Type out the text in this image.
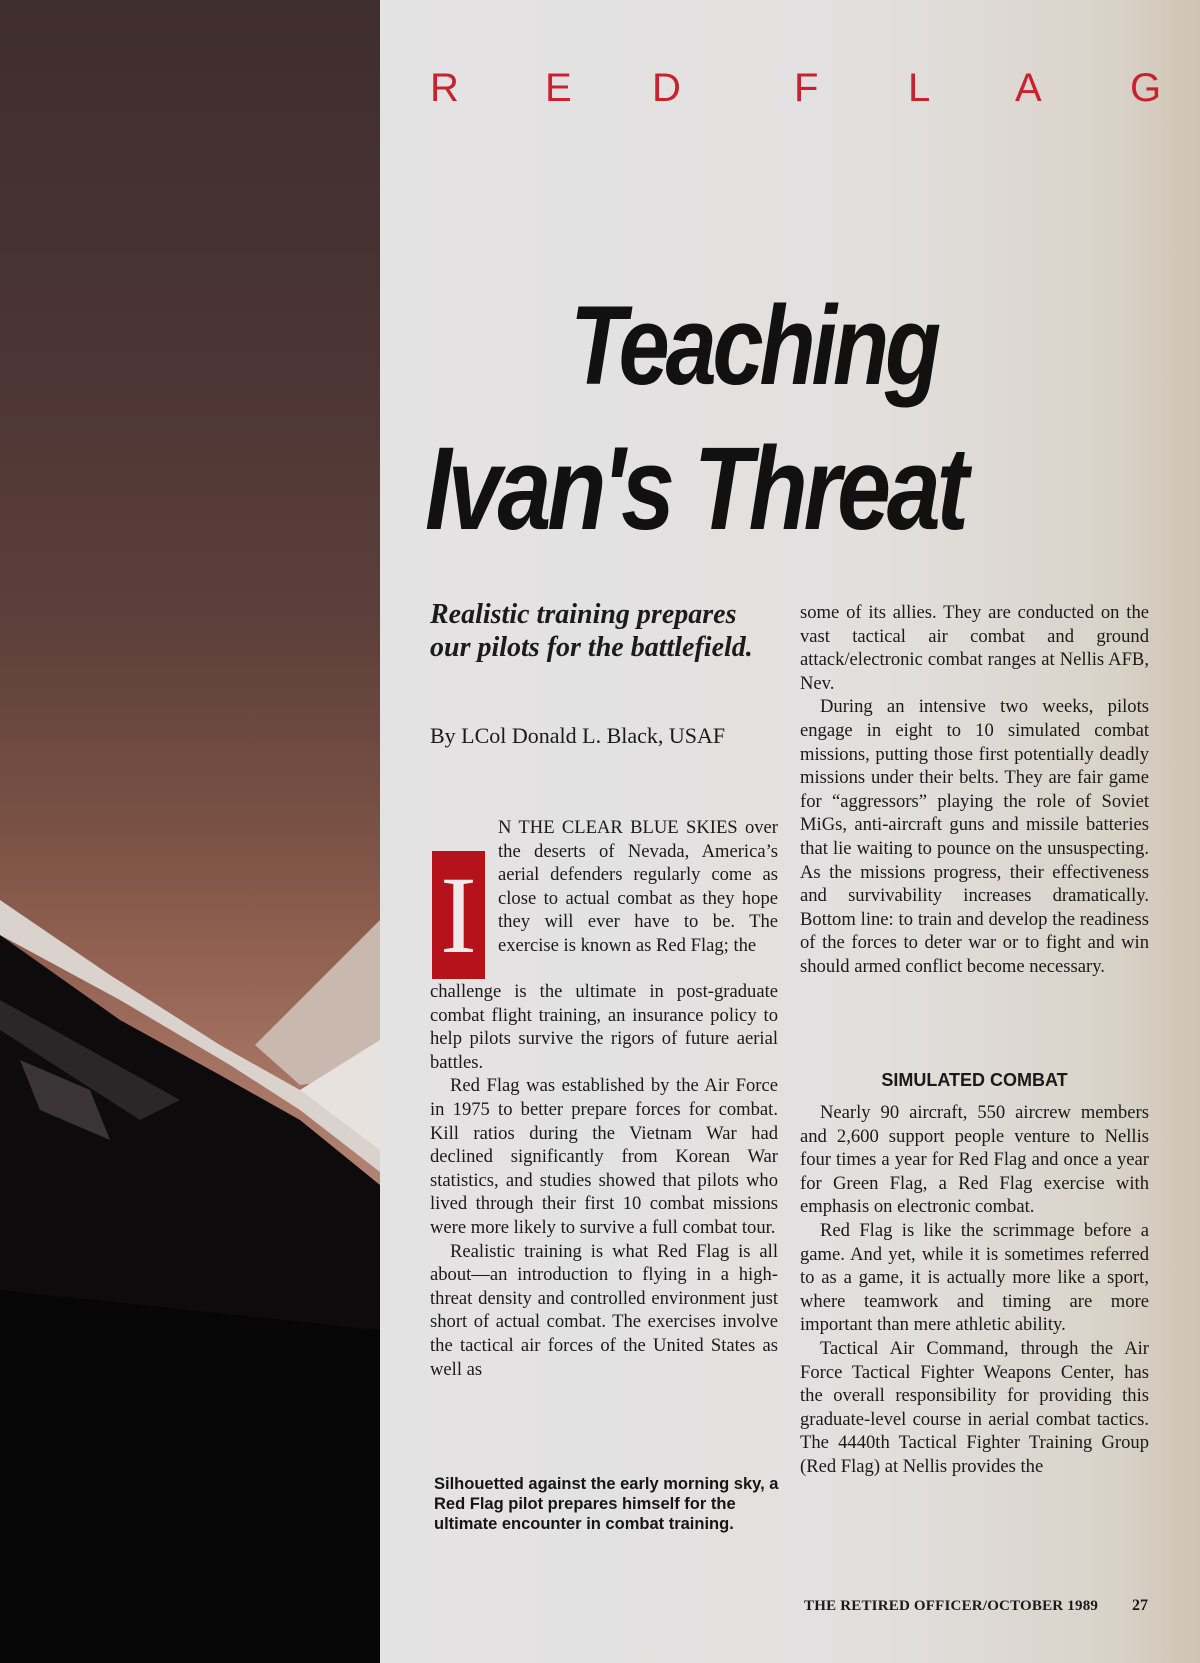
R E D	F L A G
Teaching
Ivan's Threat
Realistic training prepares our pilots for the battlefield.
By LCol Donald L. Black, USAF
I

N THE CLEAR BLUE SKIES over the deserts of Nevada, America’s aerial defenders regularly come as close to actual combat as they hope they will ever have to be. The exercise is known as Red Flag; the

challenge is the ultimate in post-graduate combat flight training, an insurance policy to help pilots survive the rigors of future aerial battles.

Red Flag was established by the Air Force in 1975 to better prepare forces for combat. Kill ratios during the Vietnam War had declined significantly from Korean War statistics, and studies showed that pilots who lived through their first 10 combat missions were more likely to survive a full combat tour.

Realistic training is what Red Flag is all about—an introduction to flying in a high-threat density and controlled environment just short of actual combat. The exercises involve the tactical air forces of the United States as well as

some of its allies. They are conducted on the vast tactical air combat and ground attack/electronic combat ranges at Nellis AFB, Nev.

During an intensive two weeks, pilots engage in eight to 10 simulated combat missions, putting those first potentially deadly missions under their belts. They are fair game for “aggressors” playing the role of Soviet MiGs, anti-aircraft guns and missile batteries that lie waiting to pounce on the unsuspecting. As the missions progress, their effectiveness and survivability increases dramatically. Bottom line: to train and develop the readiness of the forces to deter war or to fight and win should armed conflict become necessary.

SIMULATED COMBAT

Nearly 90 aircraft, 550 aircrew members and 2,600 support people venture to Nellis four times a year for Red Flag and once a year for Green Flag, a Red Flag exercise with emphasis on electronic combat.

Red Flag is like the scrimmage before a game. And yet, while it is sometimes referred to as a game, it is actually more like a sport, where teamwork and timing are more important than mere athletic ability.

Tactical Air Command, through the Air Force Tactical Fighter Weapons Center, has the overall responsibility for providing this graduate-level course in aerial combat tactics. The 4440th Tactical Fighter Training Group (Red Flag) at Nellis provides the

Silhouetted against the early morning sky, a Red Flag pilot prepares himself for the ultimate encounter in combat training.
THE RETIRED OFFICER/OCTOBER 1989 27
